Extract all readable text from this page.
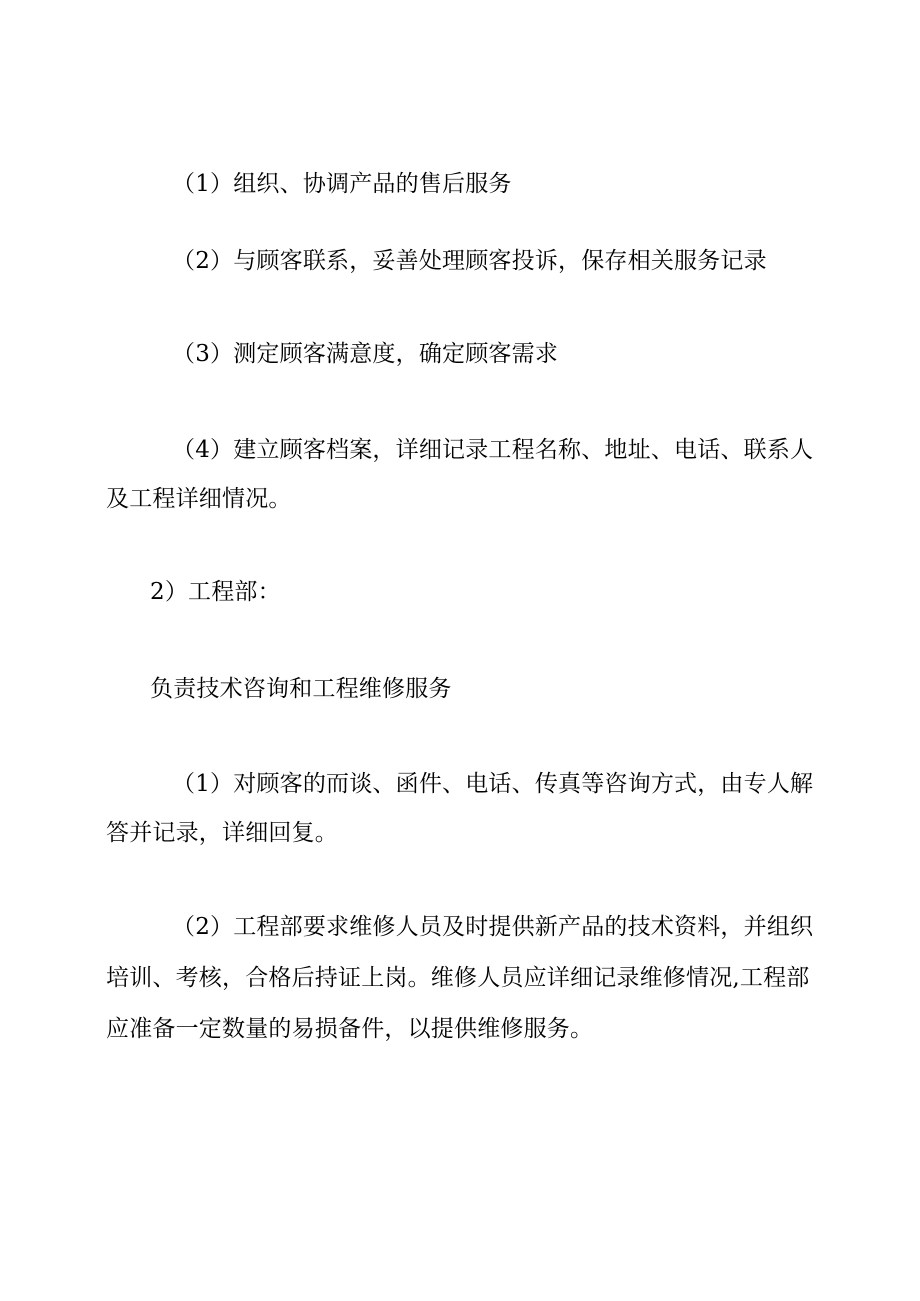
（1）组织、协调产品的售后服务
（2）与顾客联系，妥善处理顾客投诉，保存相关服务记录
（3）测定顾客满意度，确定顾客需求
（4）建立顾客档案，详细记录工程名称、地址、电话、联系人
及工程详细情况。
2）工程部：
负责技术咨询和工程维修服务
（1）对顾客的而谈、函件、电话、传真等咨询方式，由专人解
答并记录，详细回复。
（2）工程部要求维修人员及时提供新产品的技术资料，并组织
培训、考核，合格后持证上岗。维修人员应详细记录维修情况,工程部
应准备一定数量的易损备件，以提供维修服务。
